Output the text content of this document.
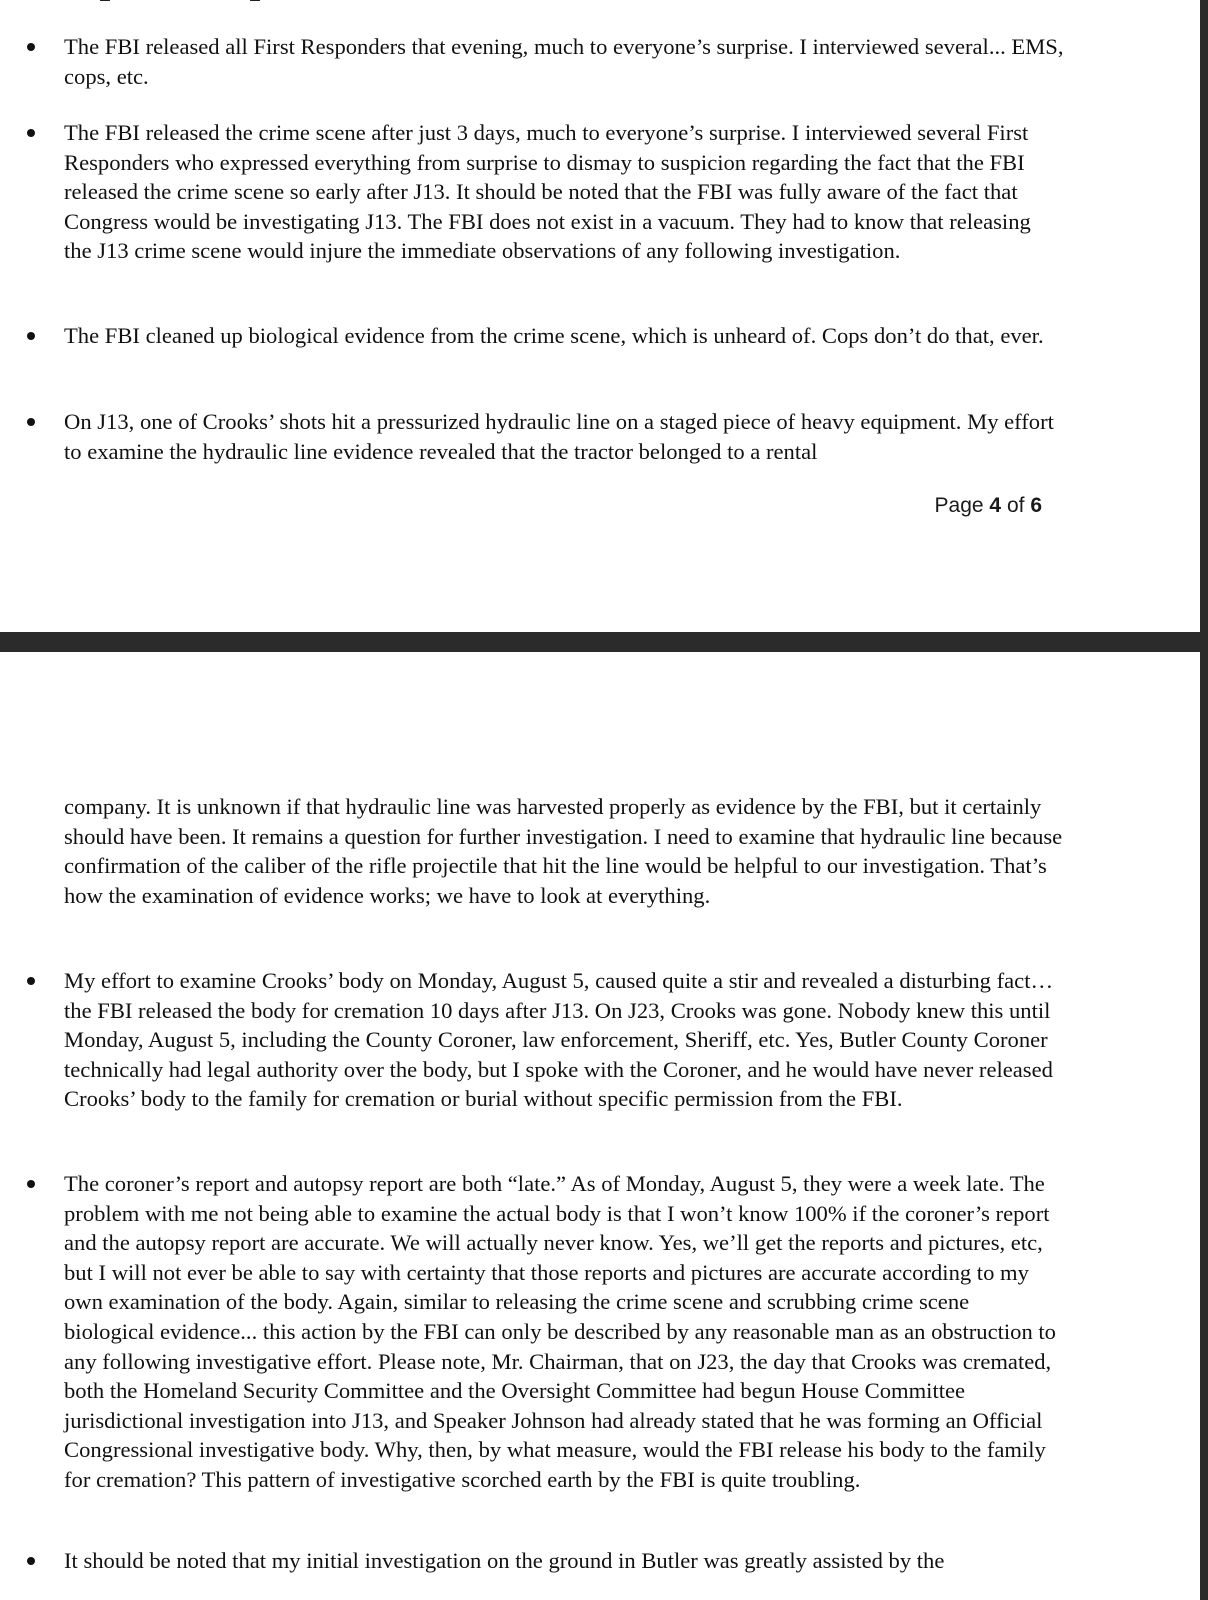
The FBI released all First Responders that evening, much to everyone’s surprise. I interviewed several... EMS, cops, etc.
The FBI released the crime scene after just 3 days, much to everyone’s surprise. I interviewed several First Responders who expressed everything from surprise to dismay to suspicion regarding the fact that the FBI released the crime scene so early after J13. It should be noted that the FBI was fully aware of the fact that Congress would be investigating J13. The FBI does not exist in a vacuum. They had to know that releasing the J13 crime scene would injure the immediate observations of any following investigation.
The FBI cleaned up biological evidence from the crime scene, which is unheard of. Cops don’t do that, ever.
On J13, one of Crooks’ shots hit a pressurized hydraulic line on a staged piece of heavy equipment. My effort to examine the hydraulic line evidence revealed that the tractor belonged to a rental
Page 4 of 6
company. It is unknown if that hydraulic line was harvested properly as evidence by the FBI, but it certainly should have been. It remains a question for further investigation. I need to examine that hydraulic line because confirmation of the caliber of the rifle projectile that hit the line would be helpful to our investigation. That’s how the examination of evidence works; we have to look at everything.
My effort to examine Crooks’ body on Monday, August 5, caused quite a stir and revealed a disturbing fact… the FBI released the body for cremation 10 days after J13. On J23, Crooks was gone. Nobody knew this until Monday, August 5, including the County Coroner, law enforcement, Sheriff, etc. Yes, Butler County Coroner technically had legal authority over the body, but I spoke with the Coroner, and he would have never released Crooks’ body to the family for cremation or burial without specific permission from the FBI.
The coroner’s report and autopsy report are both “late.” As of Monday, August 5, they were a week late. The problem with me not being able to examine the actual body is that I won’t know 100% if the coroner’s report and the autopsy report are accurate. We will actually never know. Yes, we’ll get the reports and pictures, etc, but I will not ever be able to say with certainty that those reports and pictures are accurate according to my own examination of the body. Again, similar to releasing the crime scene and scrubbing crime scene biological evidence... this action by the FBI can only be described by any reasonable man as an obstruction to any following investigative effort. Please note, Mr. Chairman, that on J23, the day that Crooks was cremated, both the Homeland Security Committee and the Oversight Committee had begun House Committee jurisdictional investigation into J13, and Speaker Johnson had already stated that he was forming an Official Congressional investigative body. Why, then, by what measure, would the FBI release his body to the family for cremation? This pattern of investigative scorched earth by the FBI is quite troubling.
It should be noted that my initial investigation on the ground in Butler was greatly assisted by the
